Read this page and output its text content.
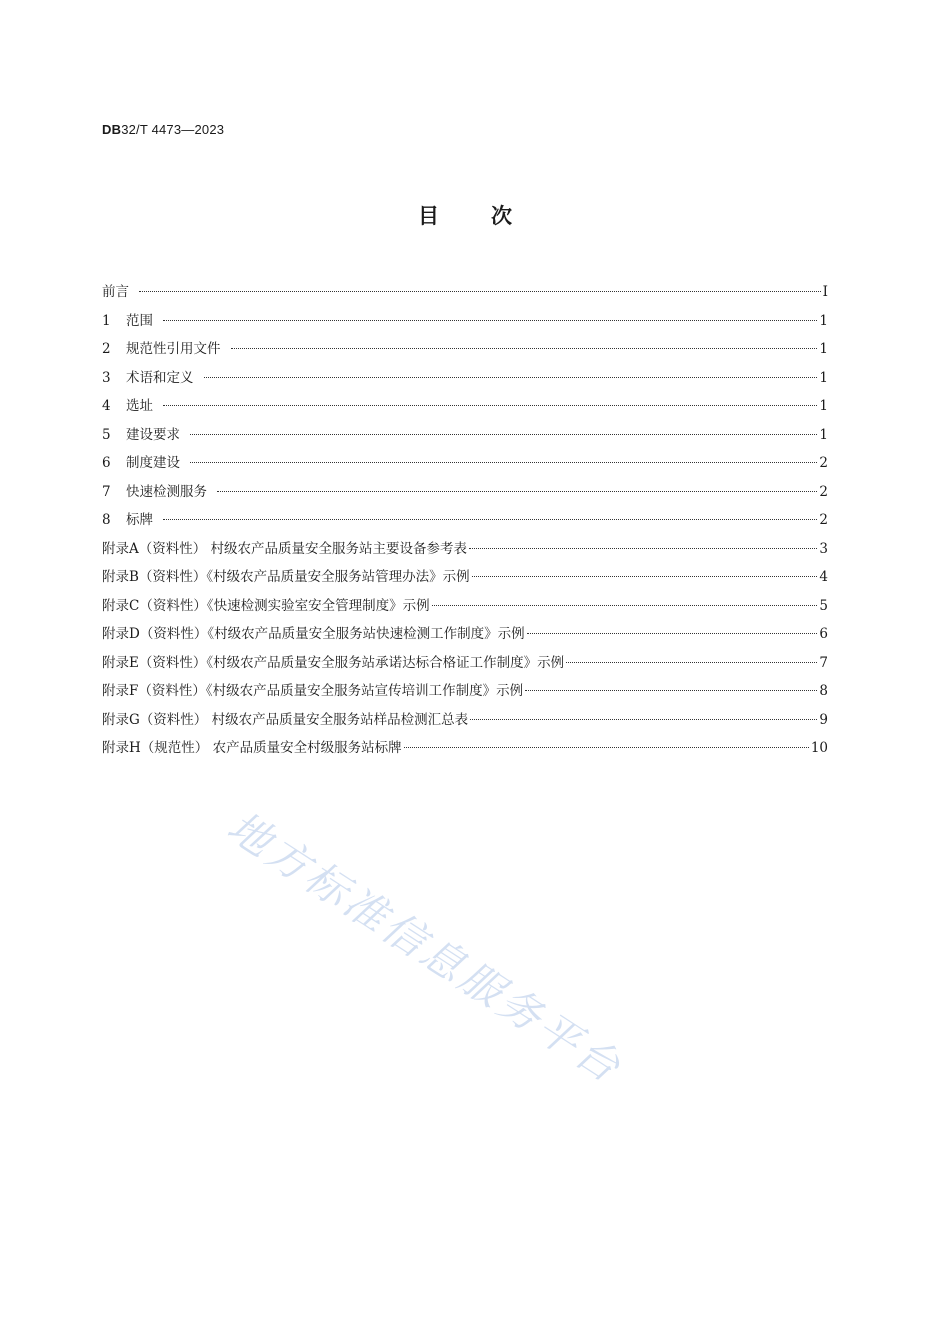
DB32/T 4473—2023
目次
前言	I
1	范围	1
2	规范性引用文件	1
3	术语和定义	1
4	选址	1
5	建设要求	1
6	制度建设	2
7	快速检测服务	2
8	标牌	2
附录A（资料性） 村级农产品质量安全服务站主要设备参考表	3
附录B（资料性）《村级农产品质量安全服务站管理办法》示例	4
附录C（资料性）《快速检测实验室安全管理制度》示例	5
附录D（资料性）《村级农产品质量安全服务站快速检测工作制度》示例	6
附录E（资料性）《村级农产品质量安全服务站承诺达标合格证工作制度》示例	7
附录F（资料性）《村级农产品质量安全服务站宣传培训工作制度》示例	8
附录G（资料性） 村级农产品质量安全服务站样品检测汇总表	9
附录H（规范性） 农产品质量安全村级服务站标牌	10
地方标准信息服务平台
